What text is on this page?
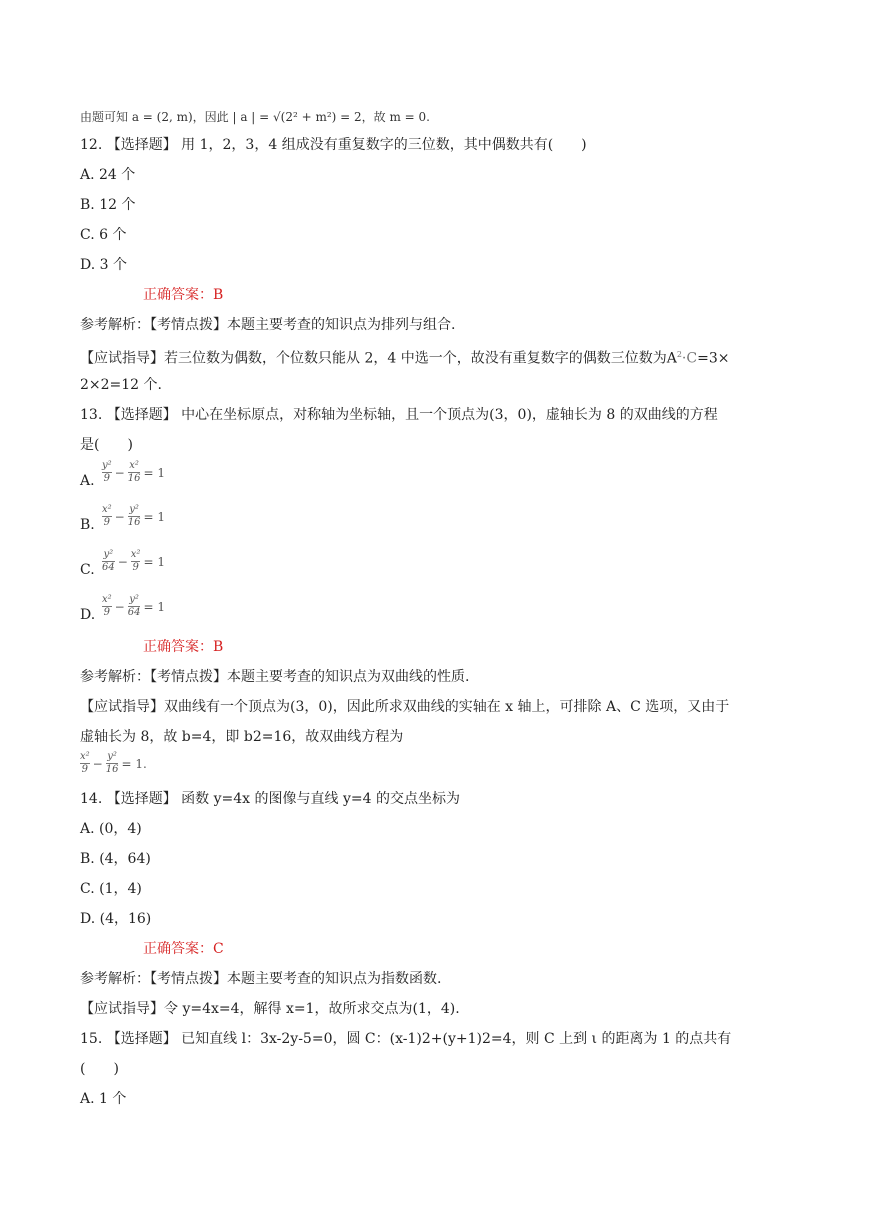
由题可知 a = (2, m)，因此 | a | = √(2² + m²) = 2，故 m = 0.
12. 【选择题】 用 1，2，3，4 组成没有重复数字的三位数，其中偶数共有(　　)
A. 24 个
B. 12 个
C. 6 个
D. 3 个
正确答案：B
参考解析：【考情点拨】本题主要考查的知识点为排列与组合.
【应试指导】若三位数为偶数，个位数只能从 2，4 中选一个，故没有重复数字的偶数三位数为$A^2\cdot C=3\times$
2×2=12 个.
13. 【选择题】 中心在坐标原点，对称轴为坐标轴，且一个顶点为(3，0)，虚轴长为 8 的双曲线的方程
是(　　)
A. $\frac{\text{y²}}{9} - \frac{\text{x²}}{16} = 1$
B. $\frac{\text{x²}}{9} - \frac{\text{y²}}{16} = 1$
C. $\frac{\text{y²}}{64} - \frac{\text{x²}}{9} = 1$
D. $\frac{\text{x²}}{9} - \frac{\text{y²}}{64} = 1$
正确答案：B
参考解析：【考情点拨】本题主要考查的知识点为双曲线的性质.
【应试指导】双曲线有一个顶点为(3，0)，因此所求双曲线的实轴在 x 轴上，可排除 A、C 选项，又由于
虚轴长为 8，故 b=4，即 b2=16，故双曲线方程为
$\frac{\text{x²}}{9} - \frac{\text{y²}}{16} = 1$.
14. 【选择题】 函数 y=4x 的图像与直线 y=4 的交点坐标为
A. (0，4)
B. (4，64)
C. (1，4)
D. (4，16)
正确答案：C
参考解析：【考情点拨】本题主要考查的知识点为指数函数.
【应试指导】令 y=4x=4，解得 x=1，故所求交点为(1，4).
15. 【选择题】 已知直线 l：3x-2y-5=0，圆 C：(x-1)2+(y+1)2=4，则 C 上到 ι 的距离为 1 的点共有
(　　)
A. 1 个
